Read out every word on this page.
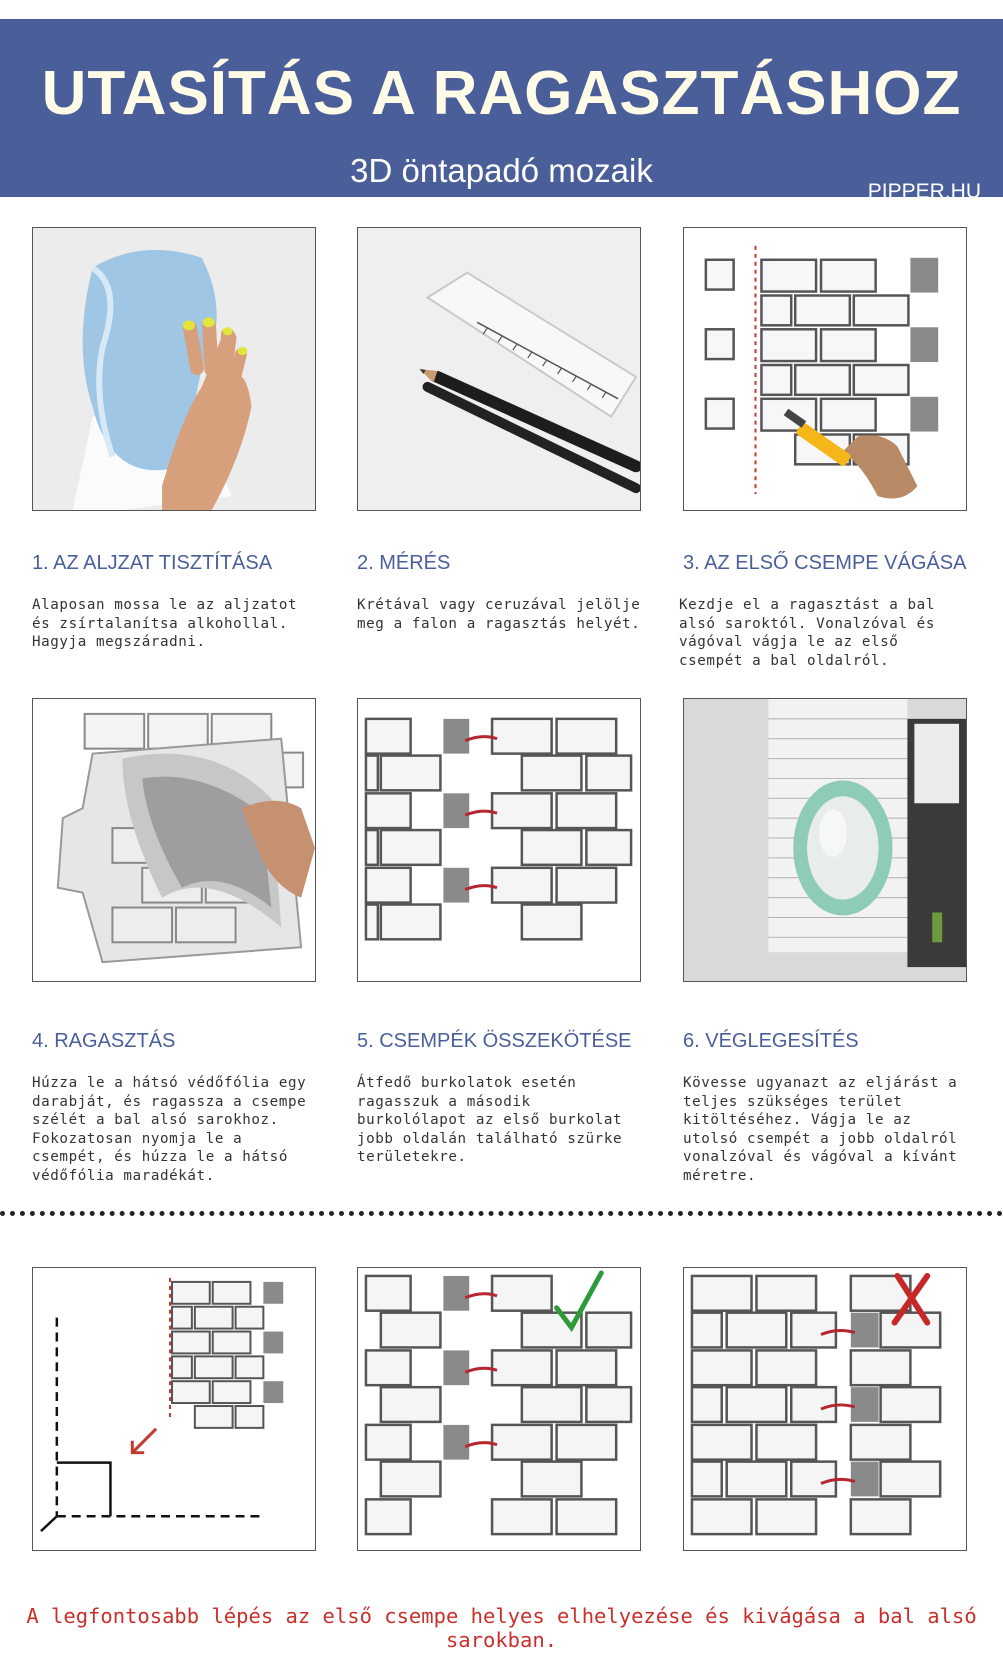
UTASÍTÁS A RAGASZTÁSHOZ
3D öntapadó mozaik
PIPPER.HU
1. AZ ALJZAT TISZTÍTÁSA
Alaposan mossa le az aljzatot és zsírtalanítsa alkohollal. Hagyja megszáradni.
2. MÉRÉS
Krétával vagy ceruzával jelölje meg a falon a ragasztás helyét.
3. AZ ELSŐ CSEMPE VÁGÁSA
Kezdje el a ragasztást a bal alsó saroktól. Vonalzóval és vágóval vágja le az első csempét a bal oldalról.
4. RAGASZTÁS
Húzza le a hátsó védőfólia egy darabját, és ragassza a csempe szélét a bal alsó sarokhoz. Fokozatosan nyomja le a csempét, és húzza le a hátsó védőfólia maradékát.
5. CSEMPÉK ÖSSZEKÖTÉSE
Átfedő burkolatok esetén ragasszuk a második burkolólapot az első burkolat jobb oldalán található szürke területekre.
6. VÉGLEGESÍTÉS
Kövesse ugyanazt az eljárást a teljes szükséges terület kitöltéséhez. Vágja le az utolsó csempét a jobb oldalról vonalzóval és vágóval a kívánt méretre.
A legfontosabb lépés az első csempe helyes elhelyezése és kivágása a bal alsó sarokban.
